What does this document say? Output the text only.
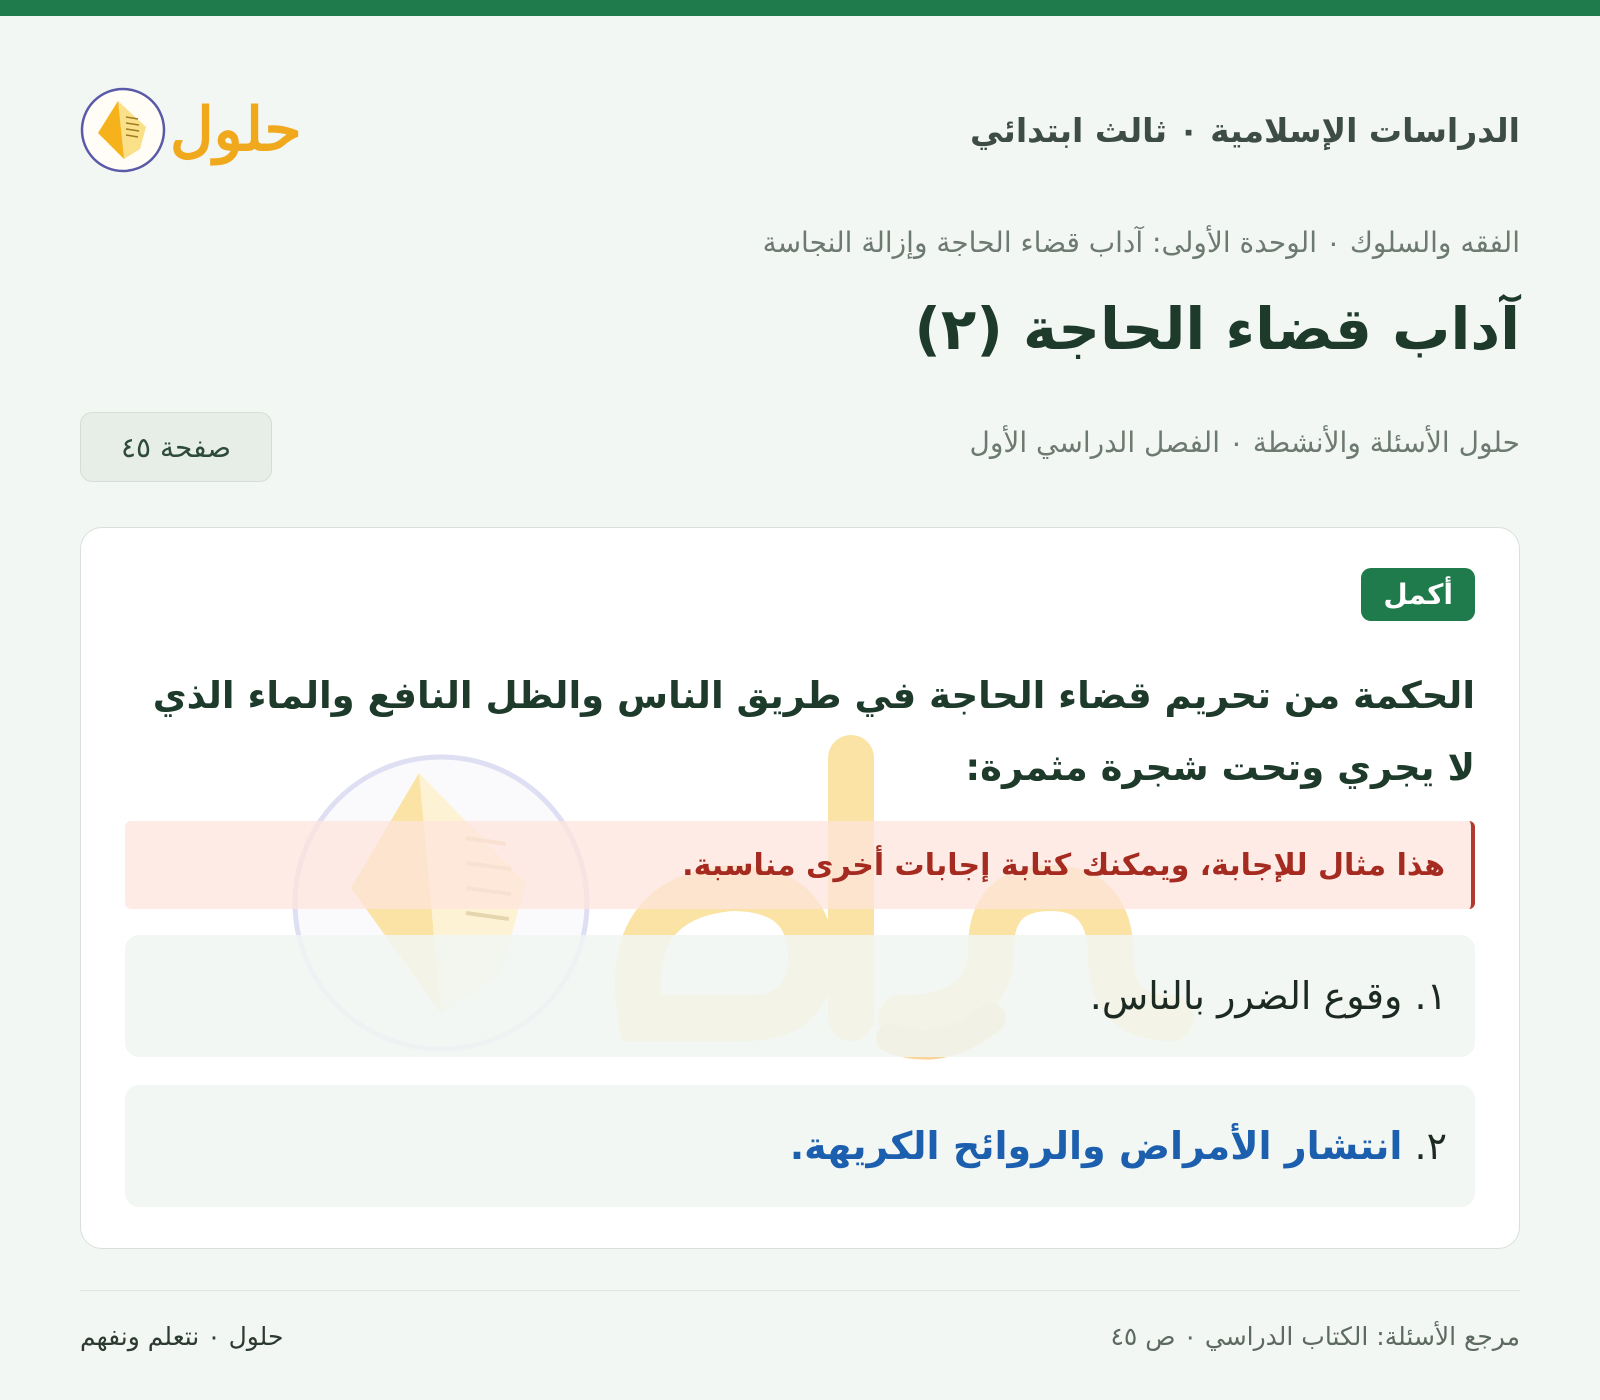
الدراسات الإسلامية ٠ ثالث ابتدائي
حلول
الفقه والسلوك ٠ الوحدة الأولى: آداب قضاء الحاجة وإزالة النجاسة
آداب قضاء الحاجة (٢)
حلول الأسئلة والأنشطة ٠ الفصل الدراسي الأول
صفحة ٤٥
أكمل
الحكمة من تحريم قضاء الحاجة في طريق الناس والظل النافع والماء الذي لا يجري وتحت شجرة مثمرة:
هذا مثال للإجابة، ويمكنك كتابة إجابات أخرى مناسبة.
١.

وقوع الضرر بالناس.
٢.

انتشار الأمراض والروائح الكريهة.
مرجع الأسئلة: الكتاب الدراسي ٠ ص ٤٥
حلول ٠ نتعلم ونفهم
